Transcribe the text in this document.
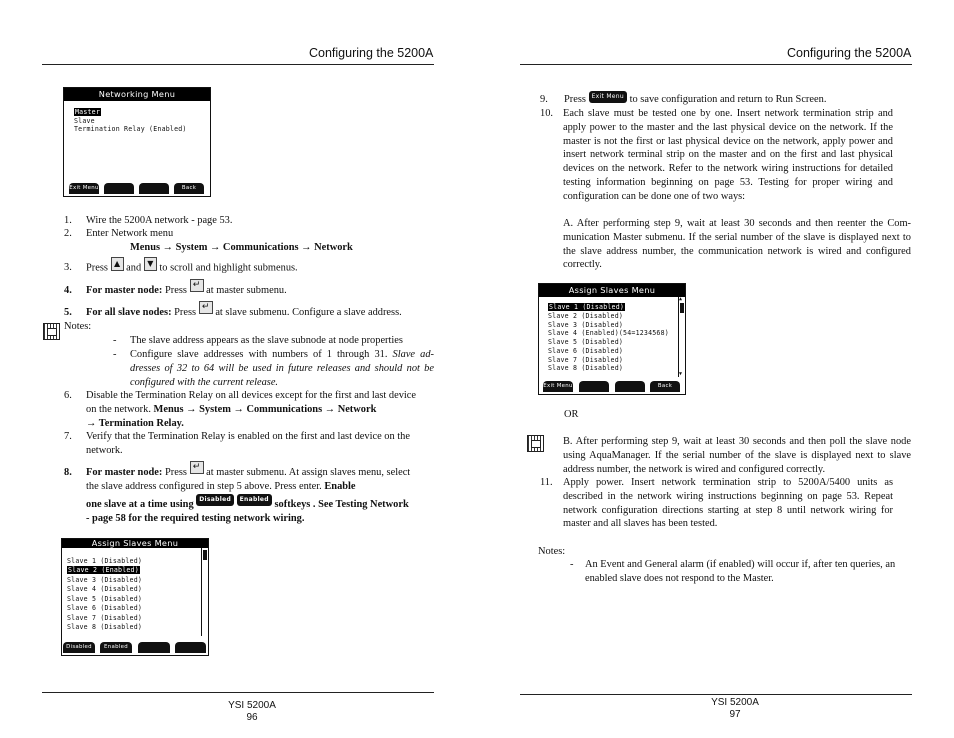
Configuring the 5200A
Networking Menu
Master
Slave
Termination Relay (Enabled)
Exit Menu	Back
1. Wire the 5200A network - page 53.
2. Enter Network menu
Menus → System → Communications → Network
3. Press ▲ and ▼ to scroll and highlight submenus.
4. For master node: Press ↵ at master submenu.
5. For all slave nodes: Press ↵ at slave submenu. Configure a slave address.
Notes:
- The slave address appears as the slave subnode at node properties
- Configure slave addresses with numbers of 1 through 31. Slave ad-dresses of 32 to 64 will be used in future releases and should not be configured with the current release.
6. Disable the Termination Relay on all devices except for the first and last device on the network. Menus → System → Communications → Network
→ Termination Relay.
7. Verify that the Termination Relay is enabled on the first and last device on the network.
8. For master node: Press ↵ at master submenu. At assign slaves menu, select the slave address configured in step 5 above. Press enter. Enable
one slave at a time using Disabled Enabled softkeys . See Testing Network
- page 58 for the required testing network wiring.
Assign Slaves Menu
Slave 1 (Disabled)
Slave 2 (Enabled)
Slave 3 (Disabled)
Slave 4 (Disabled)
Slave 5 (Disabled)
Slave 6 (Disabled)
Slave 7 (Disabled)
Slave 8 (Disabled)
Disabled	Enabled
YSI 5200A
96
Configuring the 5200A
9. Press Exit Menu to save configuration and return to Run Screen.
10. Each slave must be tested one by one. Insert network termination strip and apply power to the master and the last physical device on the network. If the master is not the first or last physical device on the network, apply power and insert network terminal strip on the master and on the first and last physical devices on the network. Refer to the network wiring instructions for detailed testing information beginning on page 53. Testing for proper wiring and configuration can be done one of two ways:
A. After performing step 9, wait at least 30 seconds and then reenter the Com-munication Master submenu. If the serial number of the slave is displayed next to the slave address number, the communication network is wired and configured correctly.
Assign Slaves Menu
Slave 1 (Disabled)
Slave 2 (Disabled)
Slave 3 (Disabled)
Slave 4 (Enabled)(54=1234568)
Slave 5 (Disabled)
Slave 6 (Disabled)
Slave 7 (Disabled)
Slave 8 (Disabled)
▲
▼
Exit Menu	Back
OR
B. After performing step 9, wait at least 30 seconds and then poll the slave node using AquaManager. If the serial number of the slave is displayed next to slave address number, the network is wired and configured correctly.
11. Apply power. Insert network termination strip to 5200A/5400 units as described in the network wiring instructions beginning on page 53. Repeat network configuration directions starting at step 8 until network wiring for master and all slaves has been tested.
Notes:
- An Event and General alarm (if enabled) will occur if, after ten queries, an enabled slave does not respond to the Master.
YSI 5200A
97
